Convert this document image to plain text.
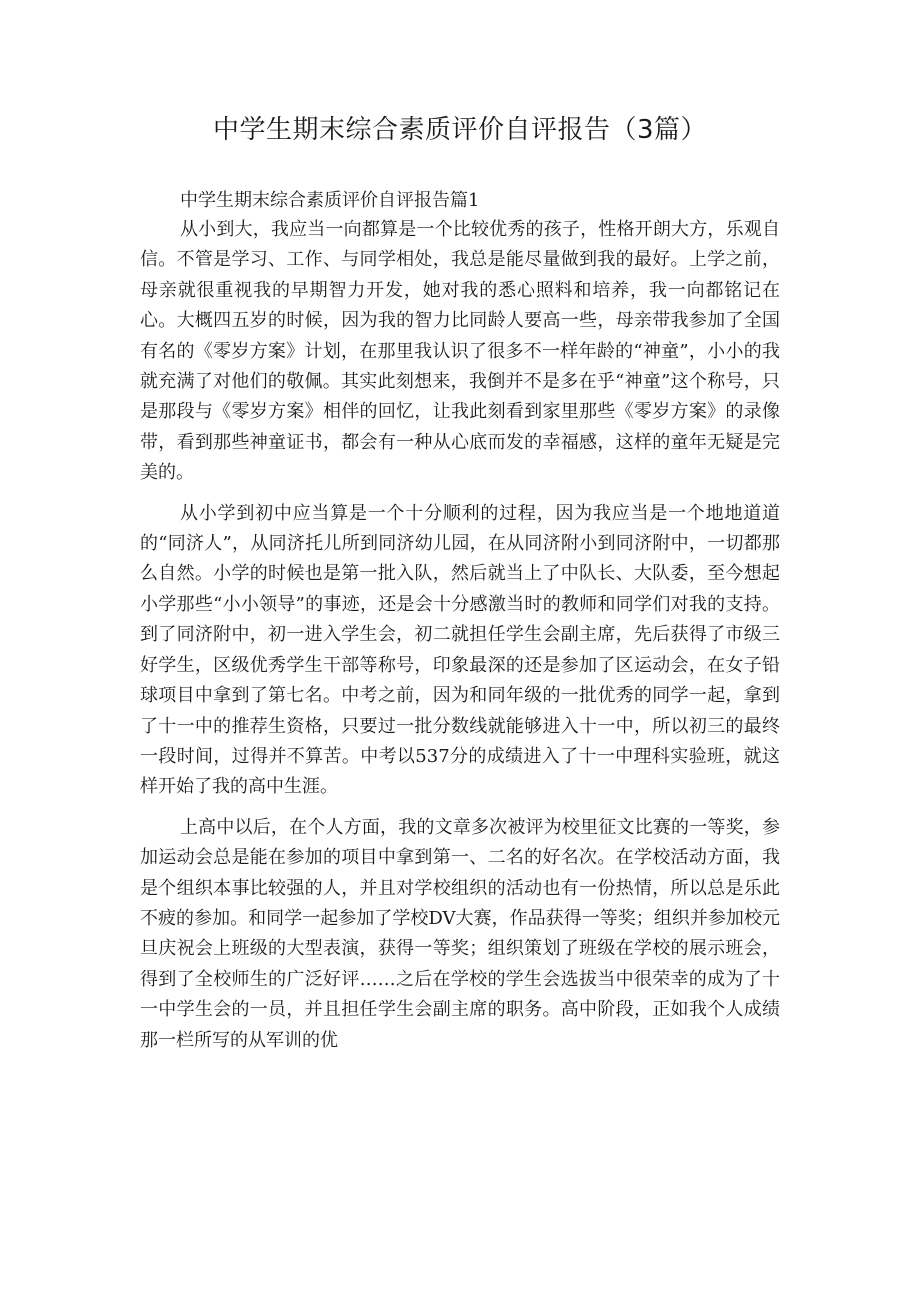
中学生期末综合素质评价自评报告（3篇）
中学生期末综合素质评价自评报告篇1

从小到大，我应当一向都算是一个比较优秀的孩子，性格开朗大方，乐观自信。不管是学习、工作、与同学相处，我总是能尽量做到我的最好。上学之前，母亲就很重视我的早期智力开发，她对我的悉心照料和培养，我一向都铭记在心。大概四五岁的时候，因为我的智力比同龄人要高一些，母亲带我参加了全国有名的《零岁方案》计划，在那里我认识了很多不一样年龄的“神童”，小小的我就充满了对他们的敬佩。其实此刻想来，我倒并不是多在乎“神童”这个称号，只是那段与《零岁方案》相伴的回忆，让我此刻看到家里那些《零岁方案》的录像带，看到那些神童证书，都会有一种从心底而发的幸福感，这样的童年无疑是完美的。

从小学到初中应当算是一个十分顺利的过程，因为我应当是一个地地道道的“同济人”，从同济托儿所到同济幼儿园，在从同济附小到同济附中，一切都那么自然。小学的时候也是第一批入队，然后就当上了中队长、大队委，至今想起小学那些“小小领导”的事迹，还是会十分感激当时的教师和同学们对我的支持。到了同济附中，初一进入学生会，初二就担任学生会副主席，先后获得了市级三好学生，区级优秀学生干部等称号，印象最深的还是参加了区运动会，在女子铅球项目中拿到了第七名。中考之前，因为和同年级的一批优秀的同学一起，拿到了十一中的推荐生资格，只要过一批分数线就能够进入十一中，所以初三的最终一段时间，过得并不算苦。中考以537分的成绩进入了十一中理科实验班，就这样开始了我的高中生涯。

上高中以后，在个人方面，我的文章多次被评为校里征文比赛的一等奖，参加运动会总是能在参加的项目中拿到第一、二名的好名次。在学校活动方面，我是个组织本事比较强的人，并且对学校组织的活动也有一份热情，所以总是乐此不疲的参加。和同学一起参加了学校DV大赛，作品获得一等奖；组织并参加校元旦庆祝会上班级的大型表演，获得一等奖；组织策划了班级在学校的展示班会，得到了全校师生的广泛好评……之后在学校的学生会选拔当中很荣幸的成为了十一中学生会的一员，并且担任学生会副主席的职务。高中阶段，正如我个人成绩那一栏所写的从军训的优
